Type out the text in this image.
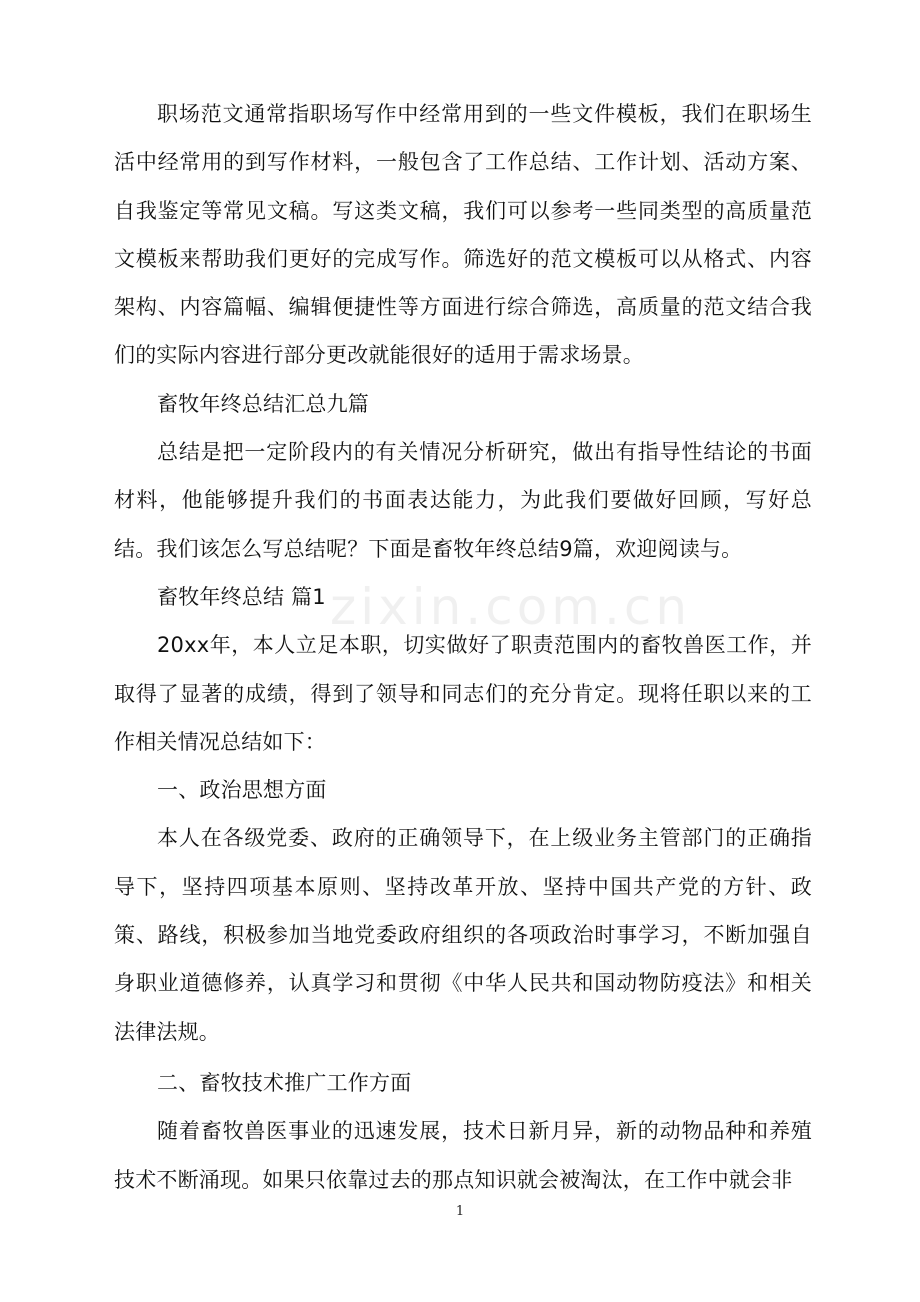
zixin.com.cn

职场范文通常指职场写作中经常用到的一些文件模板，我们在职场生活中经常用的到写作材料，一般包含了工作总结、工作计划、活动方案、自我鉴定等常见文稿。写这类文稿，我们可以参考一些同类型的高质量范文模板来帮助我们更好的完成写作。筛选好的范文模板可以从格式、内容架构、内容篇幅、编辑便捷性等方面进行综合筛选，高质量的范文结合我们的实际内容进行部分更改就能很好的适用于需求场景。

畜牧年终总结汇总九篇

总结是把一定阶段内的有关情况分析研究，做出有指导性结论的书面材料，他能够提升我们的书面表达能力，为此我们要做好回顾，写好总结。我们该怎么写总结呢？下面是畜牧年终总结9篇，欢迎阅读与。

畜牧年终总结 篇1

20xx年，本人立足本职，切实做好了职责范围内的畜牧兽医工作，并取得了显著的成绩，得到了领导和同志们的充分肯定。现将任职以来的工作相关情况总结如下：

一、政治思想方面

本人在各级党委、政府的正确领导下，在上级业务主管部门的正确指导下，坚持四项基本原则、坚持改革开放、坚持中国共产党的方针、政策、路线，积极参加当地党委政府组织的各项政治时事学习，不断加强自身职业道德修养，认真学习和贯彻《中华人民共和国动物防疫法》和相关法律法规。

二、畜牧技术推广工作方面

随着畜牧兽医事业的迅速发展，技术日新月异，新的动物品种和养殖技术不断涌现。如果只依靠过去的那点知识就会被淘汰，在工作中就会非

1
